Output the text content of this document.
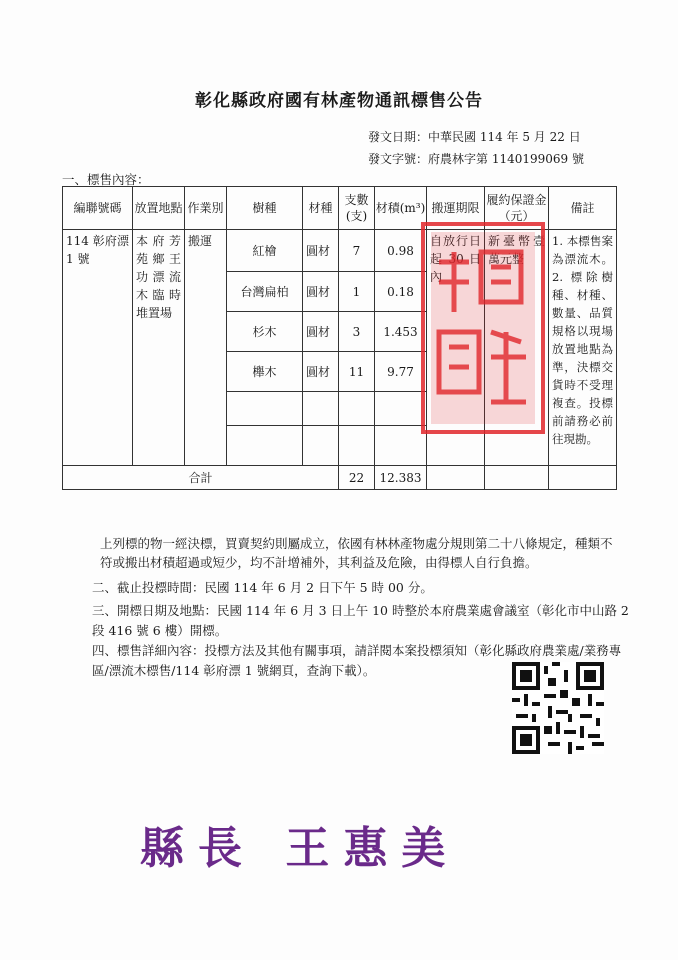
彰化縣政府國有林產物通訊標售公告
發文日期：中華民國 114 年 5 月 22 日
發文字號：府農林字第 1140199069 號
一、標售內容：
編聯號碼	放置地點	作業別	樹種	材種	支數(支)	材積(m³)	搬運期限	履約保證金（元）	備註

114 彰府漂 1 號	本府芳苑鄉王功漂流木臨時堆置場	搬運	紅檜	圓材	7	0.98	自放行日起 30 日內	新臺幣壹萬元整	1. 本標售案為漂流木。 2. 標除樹種、材種、數量、品質規格以現場放置地點為準，決標交貨時不受理複查。投標前請務必前往現勘。

			台灣扁柏	圓材	1	0.18			
			杉木	圓材	3	1.453			
			櫸木	圓材	11	9.77			

合計					22	12.383			
上列標的物一經決標，買賣契約則屬成立，依國有林林產物處分規則第二十八條規定，種類不符或搬出材積超過或短少，均不計增補外，其利益及危險，由得標人自行負擔。
二、截止投標時間：民國 114 年 6 月 2 日下午 5 時 00 分。
三、開標日期及地點：民國 114 年 6 月 3 日上午 10 時整於本府農業處會議室（彰化市中山路 2 段 416 號 6 樓）開標。
四、標售詳細內容：投標方法及其他有關事項，請詳閱本案投標須知（彰化縣政府農業處/業務專區/漂流木標售/114 彰府漂 1 號網頁，查詢下載）。
縣長 王惠美
